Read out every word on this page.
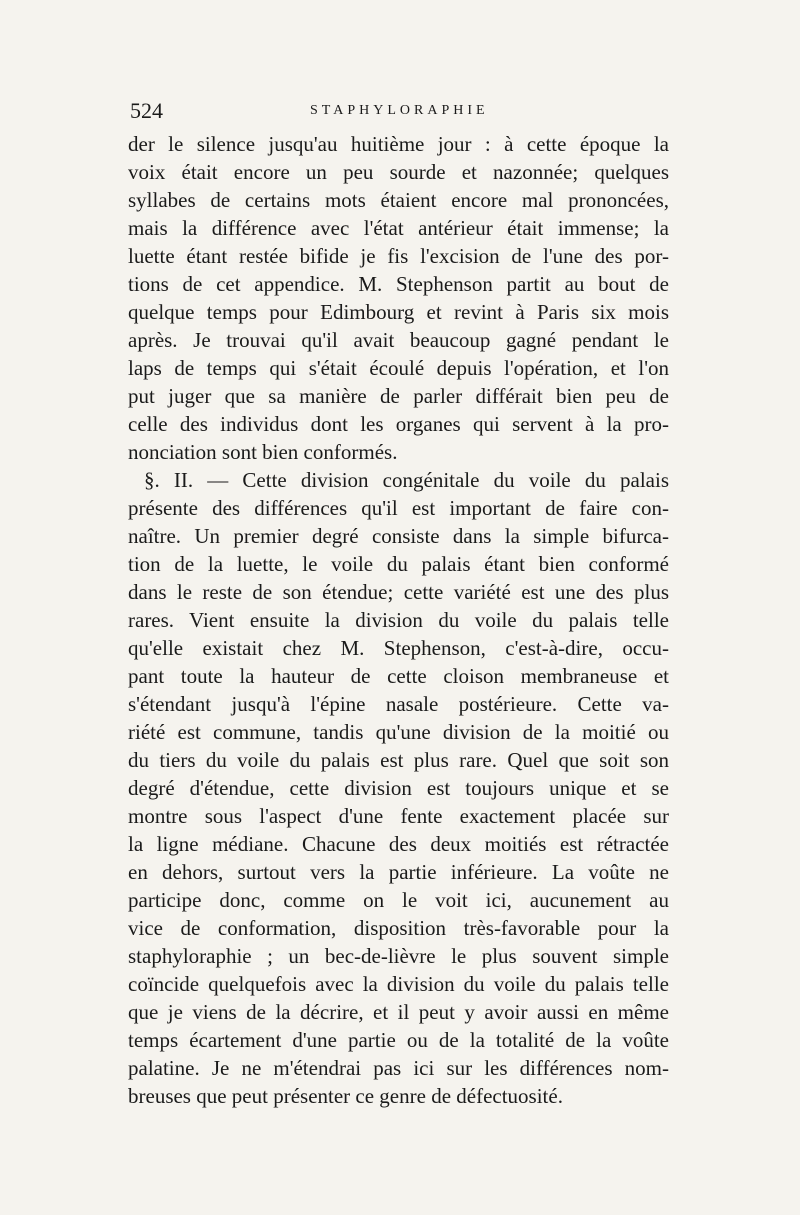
524	STAPHYLORAPHIE
der le silence jusqu'au huitième jour : à cette époque la
voix était encore un peu sourde et nazonnée; quelques
syllabes de certains mots étaient encore mal prononcées,
mais la différence avec l'état antérieur était immense; la
luette étant restée bifide je fis l'excision de l'une des por-
tions de cet appendice. M. Stephenson partit au bout de
quelque temps pour Edimbourg et revint à Paris six mois
après. Je trouvai qu'il avait beaucoup gagné pendant le
laps de temps qui s'était écoulé depuis l'opération, et l'on
put juger que sa manière de parler différait bien peu de
celle des individus dont les organes qui servent à la pro-
nonciation sont bien conformés.
§. II. — Cette division congénitale du voile du palais
présente des différences qu'il est important de faire con-
naître. Un premier degré consiste dans la simple bifurca-
tion de la luette, le voile du palais étant bien conformé
dans le reste de son étendue; cette variété est une des plus
rares. Vient ensuite la division du voile du palais telle
qu'elle existait chez M. Stephenson, c'est-à-dire, occu-
pant toute la hauteur de cette cloison membraneuse et
s'étendant jusqu'à l'épine nasale postérieure. Cette va-
riété est commune, tandis qu'une division de la moitié ou
du tiers du voile du palais est plus rare. Quel que soit son
degré d'étendue, cette division est toujours unique et se
montre sous l'aspect d'une fente exactement placée sur
la ligne médiane. Chacune des deux moitiés est rétractée
en dehors, surtout vers la partie inférieure. La voûte ne
participe donc, comme on le voit ici, aucunement au
vice de conformation, disposition très-favorable pour la
staphyloraphie ; un bec-de-lièvre le plus souvent simple
coïncide quelquefois avec la division du voile du palais telle
que je viens de la décrire, et il peut y avoir aussi en même
temps écartement d'une partie ou de la totalité de la voûte
palatine. Je ne m'étendrai pas ici sur les différences nom-
breuses que peut présenter ce genre de défectuosité.
